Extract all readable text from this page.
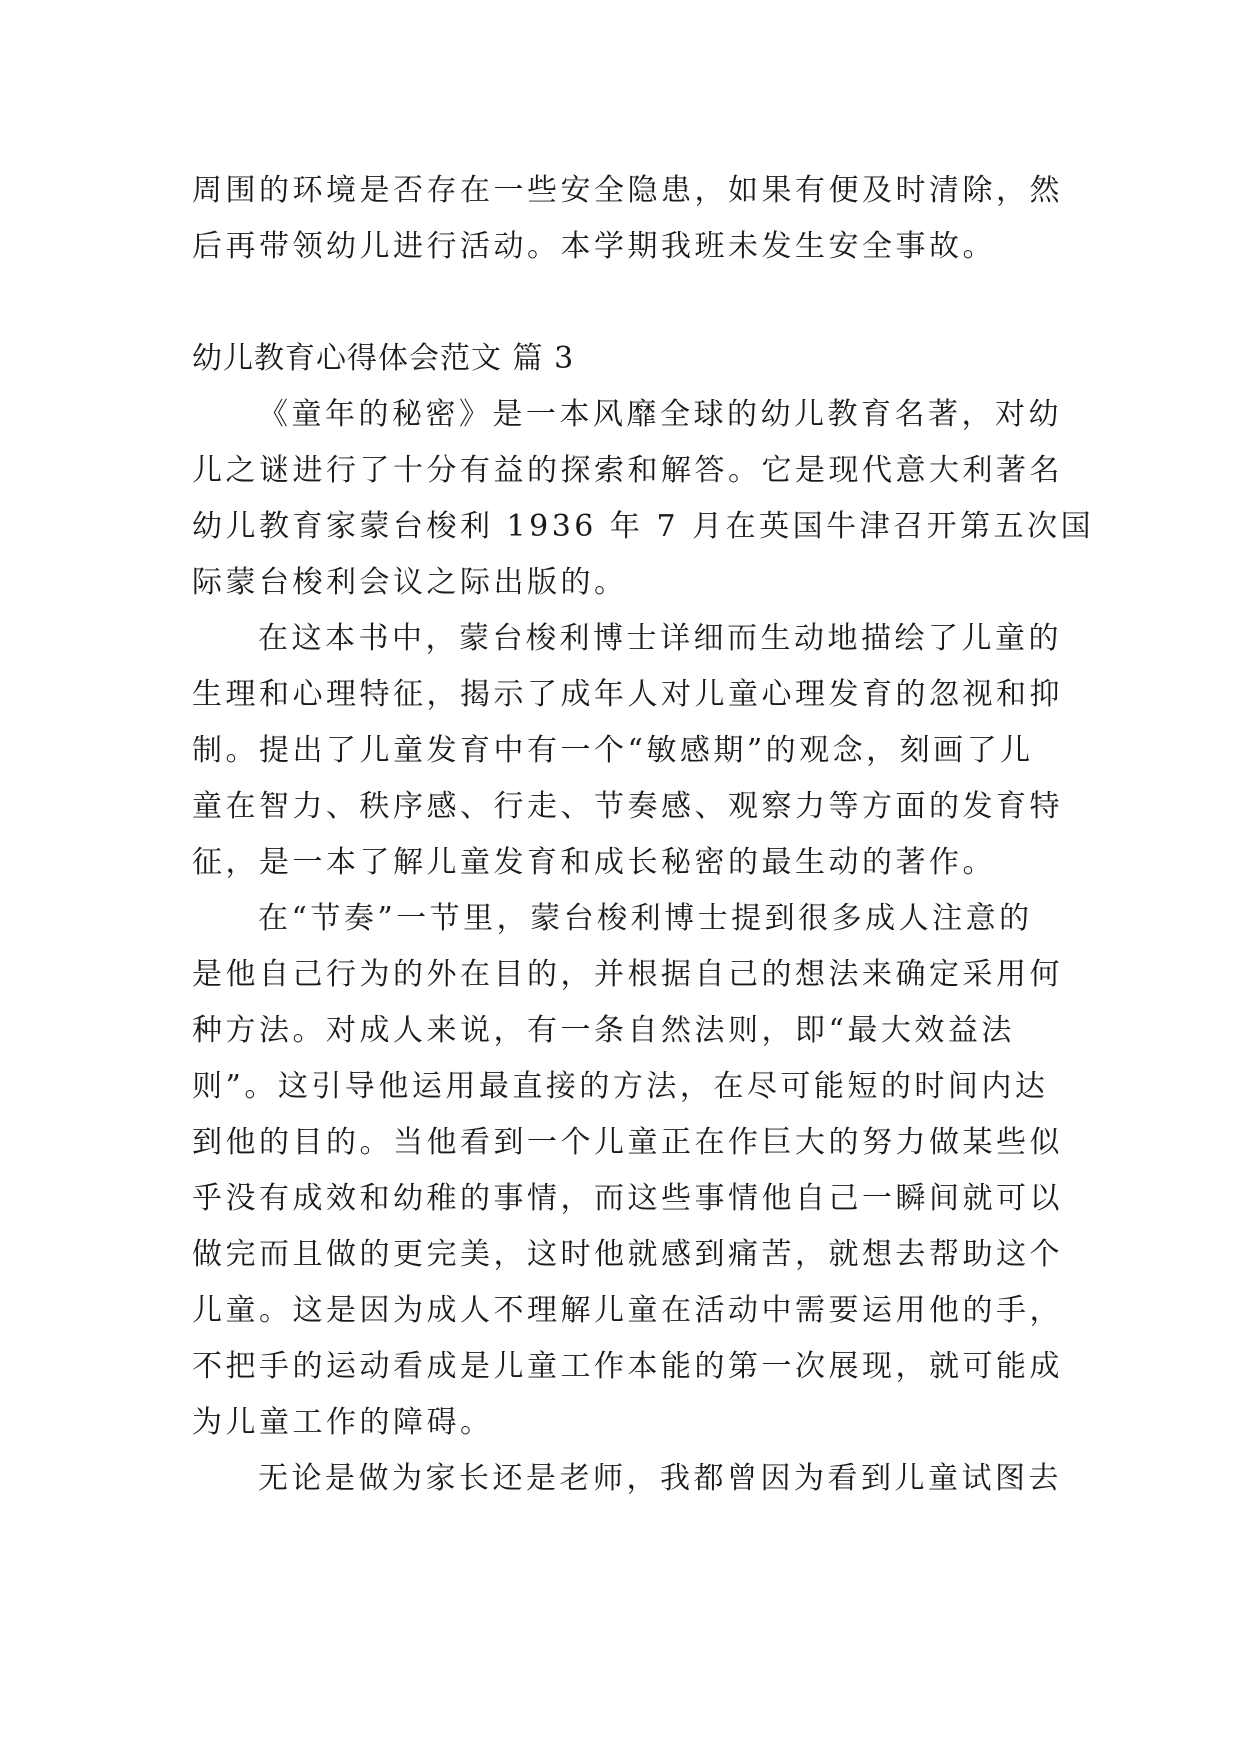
周围的环境是否存在一些安全隐患，如果有便及时清除，然
后再带领幼儿进行活动。本学期我班未发生安全事故。
幼儿教育心得体会范文 篇 3
《童年的秘密》是一本风靡全球的幼儿教育名著，对幼
儿之谜进行了十分有益的探索和解答。它是现代意大利著名
幼儿教育家蒙台梭利 1936 年 7 月在英国牛津召开第五次国
际蒙台梭利会议之际出版的。
在这本书中，蒙台梭利博士详细而生动地描绘了儿童的
生理和心理特征，揭示了成年人对儿童心理发育的忽视和抑
制。提出了儿童发育中有一个“敏感期”的观念，刻画了儿
童在智力、秩序感、行走、节奏感、观察力等方面的发育特
征，是一本了解儿童发育和成长秘密的最生动的著作。
在“节奏”一节里，蒙台梭利博士提到很多成人注意的
是他自己行为的外在目的，并根据自己的想法来确定采用何
种方法。对成人来说，有一条自然法则，即“最大效益法
则”。这引导他运用最直接的方法，在尽可能短的时间内达
到他的目的。当他看到一个儿童正在作巨大的努力做某些似
乎没有成效和幼稚的事情，而这些事情他自己一瞬间就可以
做完而且做的更完美，这时他就感到痛苦，就想去帮助这个
儿童。这是因为成人不理解儿童在活动中需要运用他的手，
不把手的运动看成是儿童工作本能的第一次展现，就可能成
为儿童工作的障碍。
无论是做为家长还是老师，我都曾因为看到儿童试图去
